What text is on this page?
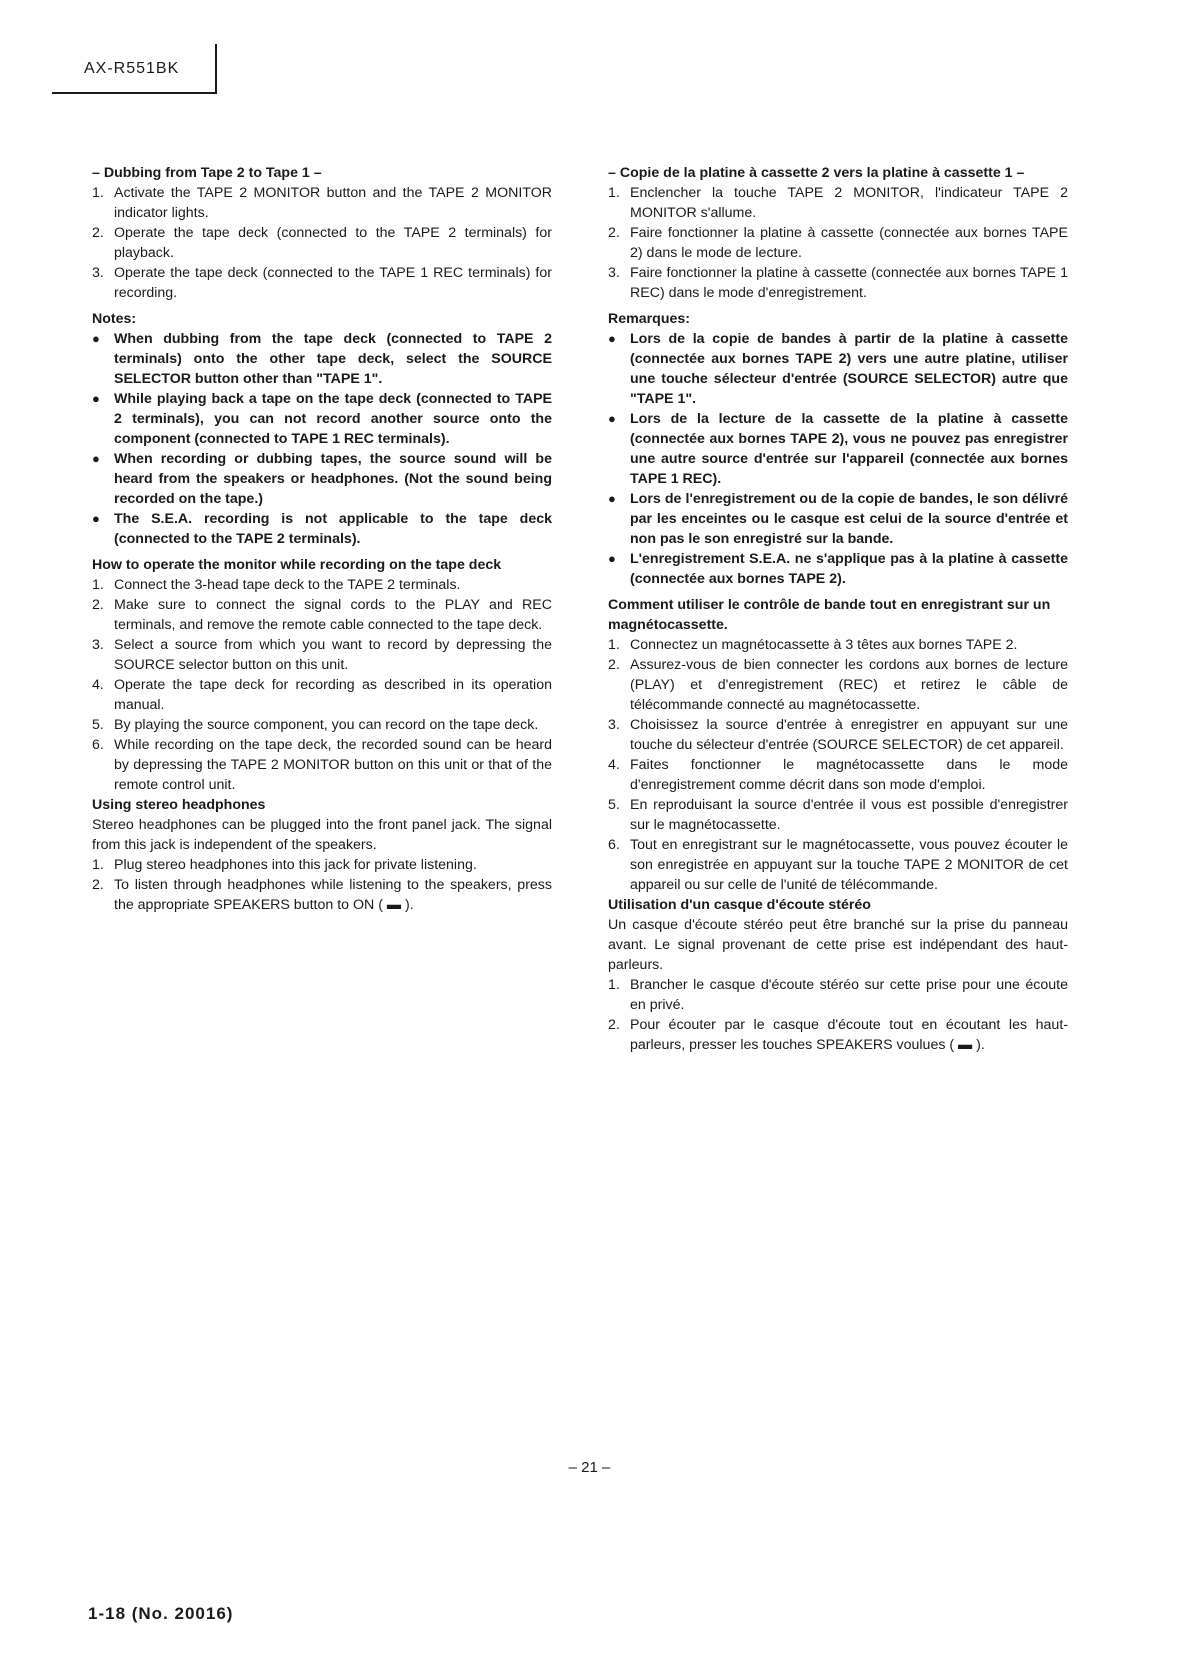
AX-R551BK

– Dubbing from Tape 2 to Tape 1 –

1. Activate the TAPE 2 MONITOR button and the TAPE 2 MONITOR indicator lights.
2. Operate the tape deck (connected to the TAPE 2 terminals) for playback.
3. Operate the tape deck (connected to the TAPE 1 REC terminals) for recording.

Notes:

● When dubbing from the tape deck (connected to TAPE 2 terminals) onto the other tape deck, select the SOURCE SELECTOR button other than "TAPE 1".
● While playing back a tape on the tape deck (connected to TAPE 2 terminals), you can not record another source onto the component (connected to TAPE 1 REC terminals).
● When recording or dubbing tapes, the source sound will be heard from the speakers or headphones. (Not the sound being recorded on the tape.)
● The S.E.A. recording is not applicable to the tape deck (connected to the TAPE 2 terminals).

How to operate the monitor while recording on the tape deck

1. Connect the 3-head tape deck to the TAPE 2 terminals.
2. Make sure to connect the signal cords to the PLAY and REC terminals, and remove the remote cable connected to the tape deck.
3. Select a source from which you want to record by depressing the SOURCE selector button on this unit.
4. Operate the tape deck for recording as described in its operation manual.
5. By playing the source component, you can record on the tape deck.
6. While recording on the tape deck, the recorded sound can be heard by depressing the TAPE 2 MONITOR button on this unit or that of the remote control unit.

Using stereo headphones

Stereo headphones can be plugged into the front panel jack. The signal from this jack is independent of the speakers.

1. Plug stereo headphones into this jack for private listening.
2. To listen through headphones while listening to the speakers, press the appropriate SPEAKERS button to ON ( ▬ ).

– Copie de la platine à cassette 2 vers la platine à cassette 1 –

1. Enclencher la touche TAPE 2 MONITOR, l'indicateur TAPE 2 MONITOR s'allume.
2. Faire fonctionner la platine à cassette (connectée aux bornes TAPE 2) dans le mode de lecture.
3. Faire fonctionner la platine à cassette (connectée aux bornes TAPE 1 REC) dans le mode d'enregistrement.

Remarques:

● Lors de la copie de bandes à partir de la platine à cassette (connectée aux bornes TAPE 2) vers une autre platine, utiliser une touche sélecteur d'entrée (SOURCE SELECTOR) autre que "TAPE 1".
● Lors de la lecture de la cassette de la platine à cassette (connectée aux bornes TAPE 2), vous ne pouvez pas enregistrer une autre source d'entrée sur l'appareil (connectée aux bornes TAPE 1 REC).
● Lors de l'enregistrement ou de la copie de bandes, le son délivré par les enceintes ou le casque est celui de la source d'entrée et non pas le son enregistré sur la bande.
● L'enregistrement S.E.A. ne s'applique pas à la platine à cassette (connectée aux bornes TAPE 2).

Comment utiliser le contrôle de bande tout en enregistrant sur un magnétocassette.

1. Connectez un magnétocassette à 3 têtes aux bornes TAPE 2.
2. Assurez-vous de bien connecter les cordons aux bornes de lecture (PLAY) et d'enregistrement (REC) et retirez le câble de télécommande connecté au magnétocassette.
3. Choisissez la source d'entrée à enregistrer en appuyant sur une touche du sélecteur d'entrée (SOURCE SELECTOR) de cet appareil.
4. Faites fonctionner le magnétocassette dans le mode d'enregistrement comme décrit dans son mode d'emploi.
5. En reproduisant la source d'entrée il vous est possible d'enregistrer sur le magnétocassette.
6. Tout en enregistrant sur le magnétocassette, vous pouvez écouter le son enregistrée en appuyant sur la touche TAPE 2 MONITOR de cet appareil ou sur celle de l'unité de télécommande.

Utilisation d'un casque d'écoute stéréo

Un casque d'écoute stéréo peut être branché sur la prise du panneau avant. Le signal provenant de cette prise est indépendant des haut-parleurs.

1. Brancher le casque d'écoute stéréo sur cette prise pour une écoute en privé.
2. Pour écouter par le casque d'écoute tout en écoutant les haut-parleurs, presser les touches SPEAKERS voulues ( ▬ ).
– 21 –
1-18 (No. 20016)
